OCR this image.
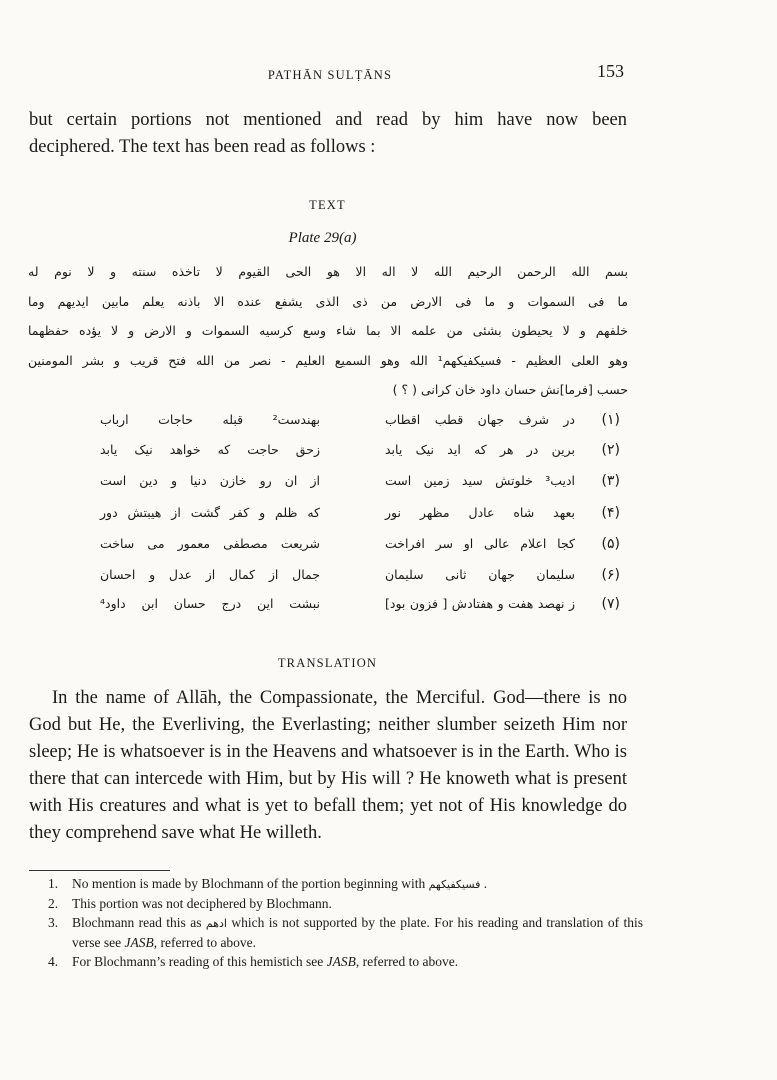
PATHĀN SULṬĀNS	153
but certain portions not mentioned and read by him have now been
deciphered. The text has been read as follows :
TEXT
Plate 29(a)
بسم الله الرحمن الرحيم الله لا اله الا هو الحی القيوم لا تاخذه سنته و لا نوم له
ما فی السموات و ما فی الارض من ذی الذی يشفع عنده الا باذنه يعلم مابين ايديهم وما
خلفهم و لا يحيطون بشئی من علمه الا بما شاء وسع کرسيه السموات و الارض و لا يؤده حفظهما
وهو العلی العظيم - فسيکفيکهم¹ الله وهو السميع العليم - نصر من الله فتح قريب و بشر المومنين
حسب [فرما]نش حسان داود خان کرانی ( ؟ )
(۱)
در شرف جهان قطب اقطاب
بهندست² قبله حاجات ارباب
(۲)
برين در هر که ايد نيک يابد
زحق حاجت که خواهد نيک يابد
(۳)
اديب³ خلوتش سيد زمين است
از ان رو خازن دنيا و دين است
(۴)
بعهد شاه عادل مظهر نور
که ظلم و کفر گشت از هيبتش دور
(۵)
کجا اعلام عالی او سر افراخت
شريعت مصطفی معمور می ساخت
(۶)
سليمان جهان ثانی سليمان
جمال از کمال از عدل و احسان
(۷)
ز نهصد هفت و هفتادش [ فزون بود]
نبشت اين درج حسان ابن داود⁴
TRANSLATION

In the name of Allāh, the Compassionate, the Merciful. God—there is no God but He, the Everliving, the Everlasting; neither slumber seizeth Him nor sleep; He is whatsoever is in the Heavens and whatsoever is in the Earth. Who is there that can intercede with Him, but by His will ? He knoweth what is present with His creatures and what is yet to befall them; yet not of His knowledge do they comprehend save what He willeth.

1. No mention is made by Blochmann of the portion beginning with فسيکفيکهم .
2. This portion was not deciphered by Blochmann.
3. Blochmann read this as ادهم which is not supported by the plate. For his reading and translation of this verse see JASB, referred to above.
4. For Blochmann’s reading of this hemistich see JASB, referred to above.
